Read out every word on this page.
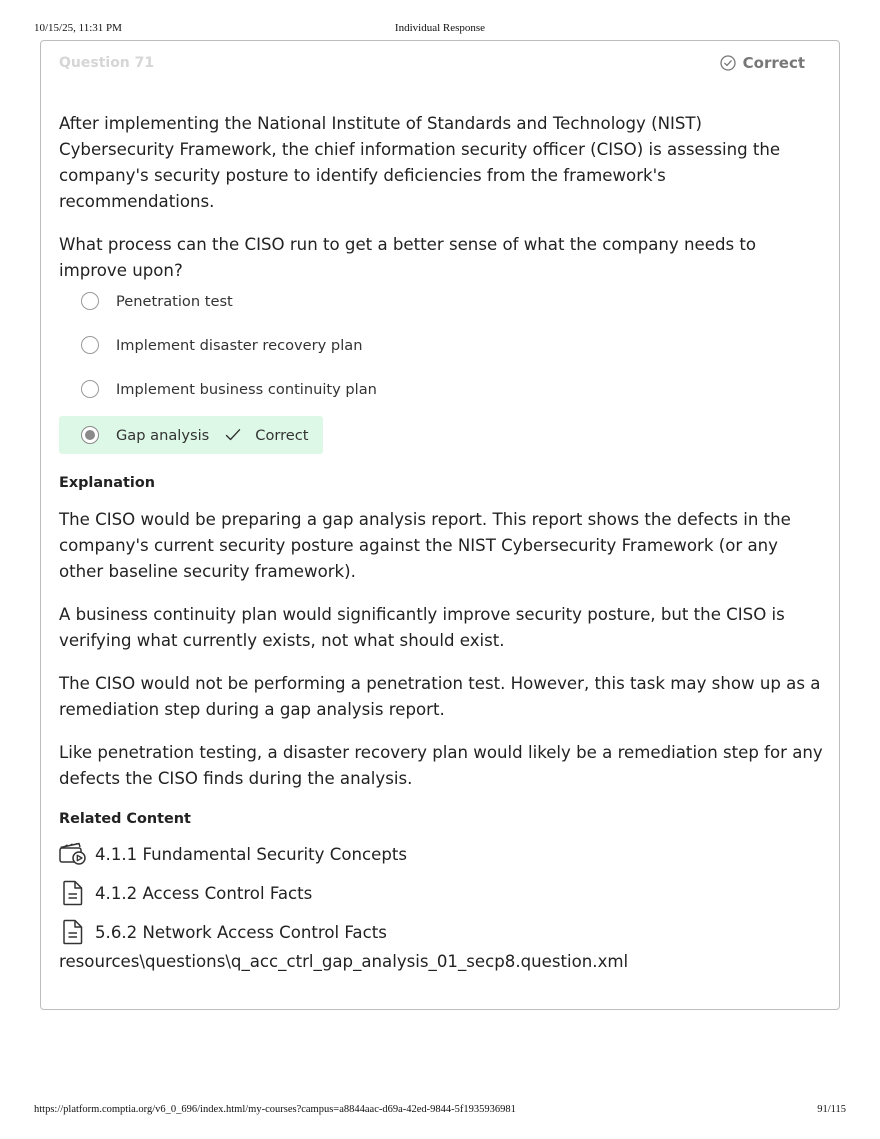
10/15/25, 11:31 PM	Individual Response
Question 71	Correct

After implementing the National Institute of Standards and Technology (NIST) Cybersecurity Framework, the chief information security officer (CISO) is assessing the company's security posture to identify deficiencies from the framework's recommendations.

What process can the CISO run to get a better sense of what the company needs to improve upon?

Penetration test
Implement disaster recovery plan
Implement business continuity plan
Gap analysis	Correct
Explanation

The CISO would be preparing a gap analysis report. This report shows the defects in the company's current security posture against the NIST Cybersecurity Framework (or any other baseline security framework).

A business continuity plan would significantly improve security posture, but the CISO is verifying what currently exists, not what should exist.

The CISO would not be performing a penetration test. However, this task may show up as a remediation step during a gap analysis report.

Like penetration testing, a disaster recovery plan would likely be a remediation step for any defects the CISO finds during the analysis.

Related Content
4.1.1 Fundamental Security Concepts
4.1.2 Access Control Facts
5.6.2 Network Access Control Facts
resources\questions\q_acc_ctrl_gap_analysis_01_secp8.question.xml
https://platform.comptia.org/v6_0_696/index.html/my-courses?campus=a8844aac-d69a-42ed-9844-5f1935936981	91/115
